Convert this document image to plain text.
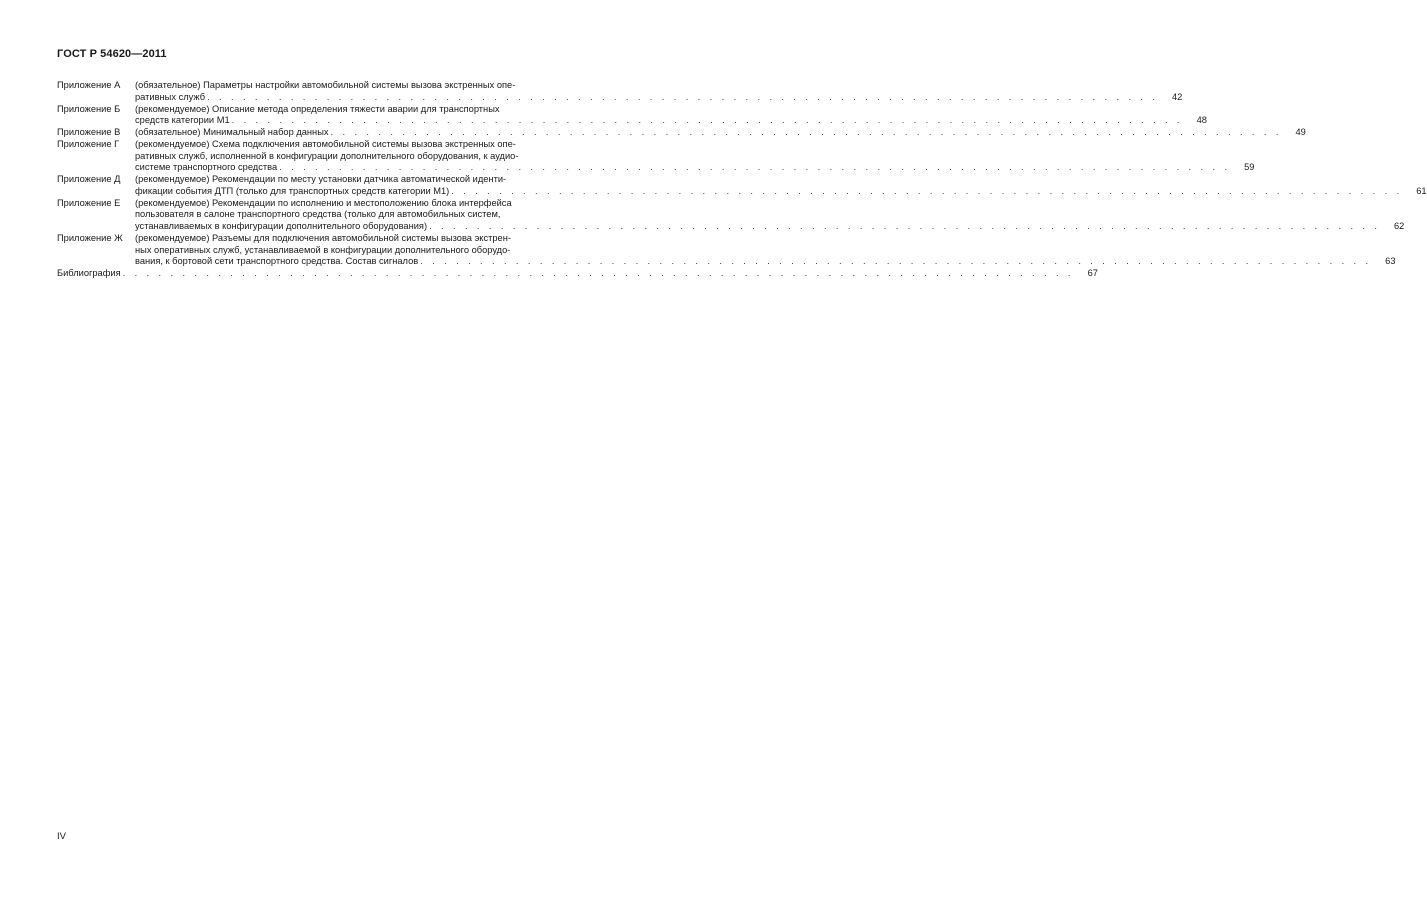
ГОСТ Р 54620—2011
Приложение А	(обязательное) Параметры настройки автомобильной системы вызова экстренных опе-
ративных служб . . .	42
Приложение Б	(рекомендуемое) Описание метода определения тяжести аварии для транспортных
средств категории М1 . . .	48
Приложение В	(обязательное) Минимальный набор данных . . .	49
Приложение Г	(рекомендуемое) Схема подключения автомобильной системы вызова экстренных опе-
ративных служб, исполненной в конфигурации дополнительного оборудования, к аудио-
системе транспортного средства . . .	59
Приложение Д	(рекомендуемое) Рекомендации по месту установки датчика автоматической иденти-
фикации события ДТП (только для транспортных средств категории М1) . . .	61
Приложение Е	(рекомендуемое) Рекомендации по исполнению и местоположению блока интерфейса
пользователя в салоне транспортного средства (только для автомобильных систем,
устанавливаемых в конфигурации дополнительного оборудования) . . .	62
Приложение Ж	(рекомендуемое) Разъемы для подключения автомобильной системы вызова экстрен-
ных оперативных служб, устанавливаемой в конфигурации дополнительного оборудо-
вания, к бортовой сети транспортного средства. Состав сигналов . . .	63
Библиография . . .	67
IV
